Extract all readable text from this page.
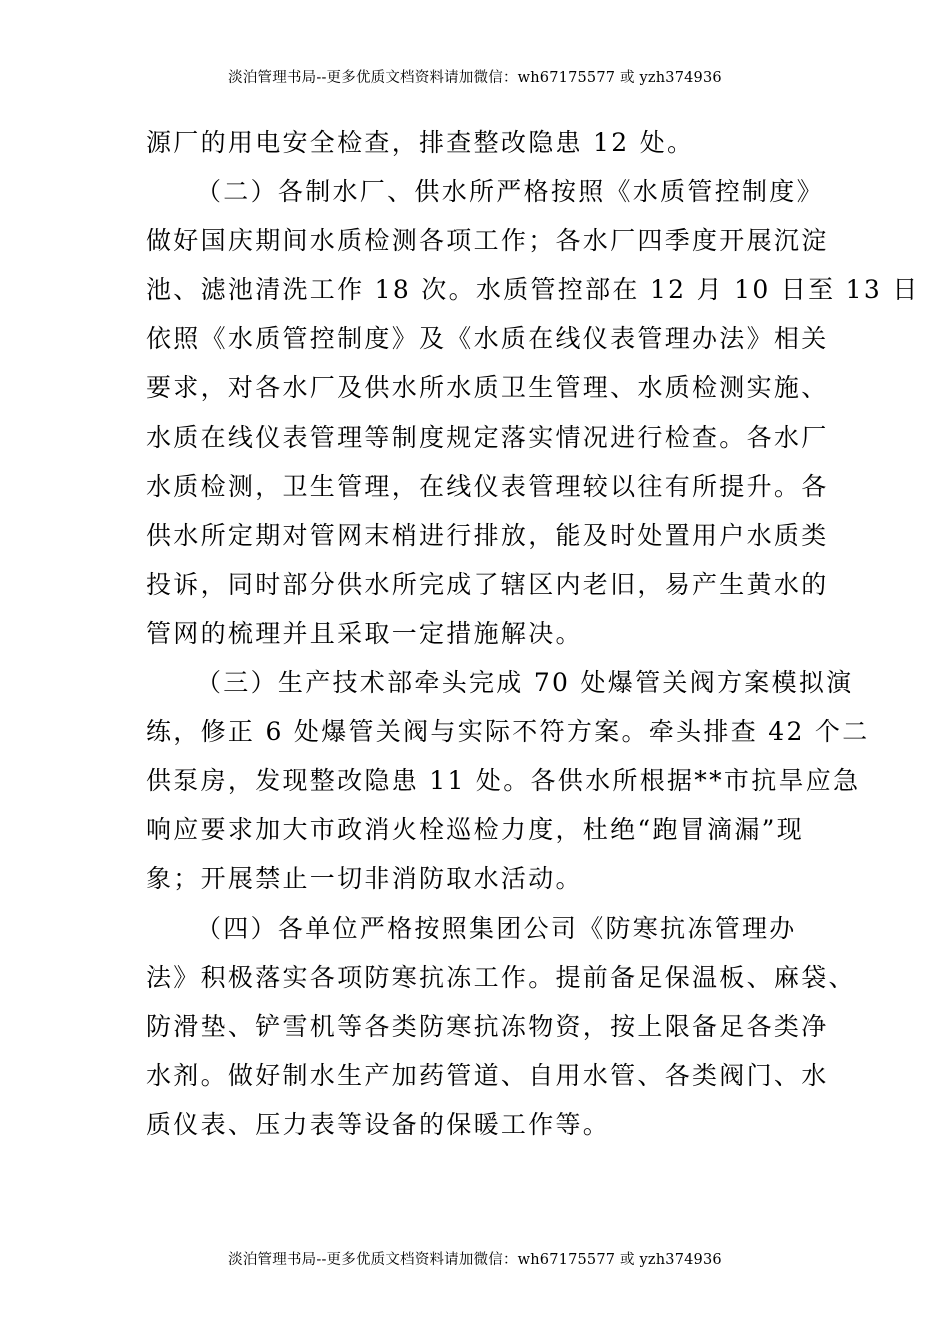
淡泊管理书局--更多优质文档资料请加微信：wh67175577 或 yzh374936
源厂的用电安全检查，排查整改隐患 12 处。
（二）各制水厂、供水所严格按照《水质管控制度》
做好国庆期间水质检测各项工作；各水厂四季度开展沉淀
池、滤池清洗工作 18 次。水质管控部在 12 月 10 日至 13 日
依照《水质管控制度》及《水质在线仪表管理办法》相关
要求，对各水厂及供水所水质卫生管理、水质检测实施、
水质在线仪表管理等制度规定落实情况进行检查。各水厂
水质检测，卫生管理，在线仪表管理较以往有所提升。各
供水所定期对管网末梢进行排放，能及时处置用户水质类
投诉，同时部分供水所完成了辖区内老旧，易产生黄水的
管网的梳理并且采取一定措施解决。
（三）生产技术部牵头完成 70 处爆管关阀方案模拟演
练，修正 6 处爆管关阀与实际不符方案。牵头排查 42 个二
供泵房，发现整改隐患 11 处。各供水所根据**市抗旱应急
响应要求加大市政消火栓巡检力度，杜绝“跑冒滴漏”现
象；开展禁止一切非消防取水活动。
（四）各单位严格按照集团公司《防寒抗冻管理办
法》积极落实各项防寒抗冻工作。提前备足保温板、麻袋、
防滑垫、铲雪机等各类防寒抗冻物资，按上限备足各类净
水剂。做好制水生产加药管道、自用水管、各类阀门、水
质仪表、压力表等设备的保暖工作等。
淡泊管理书局--更多优质文档资料请加微信：wh67175577 或 yzh374936
